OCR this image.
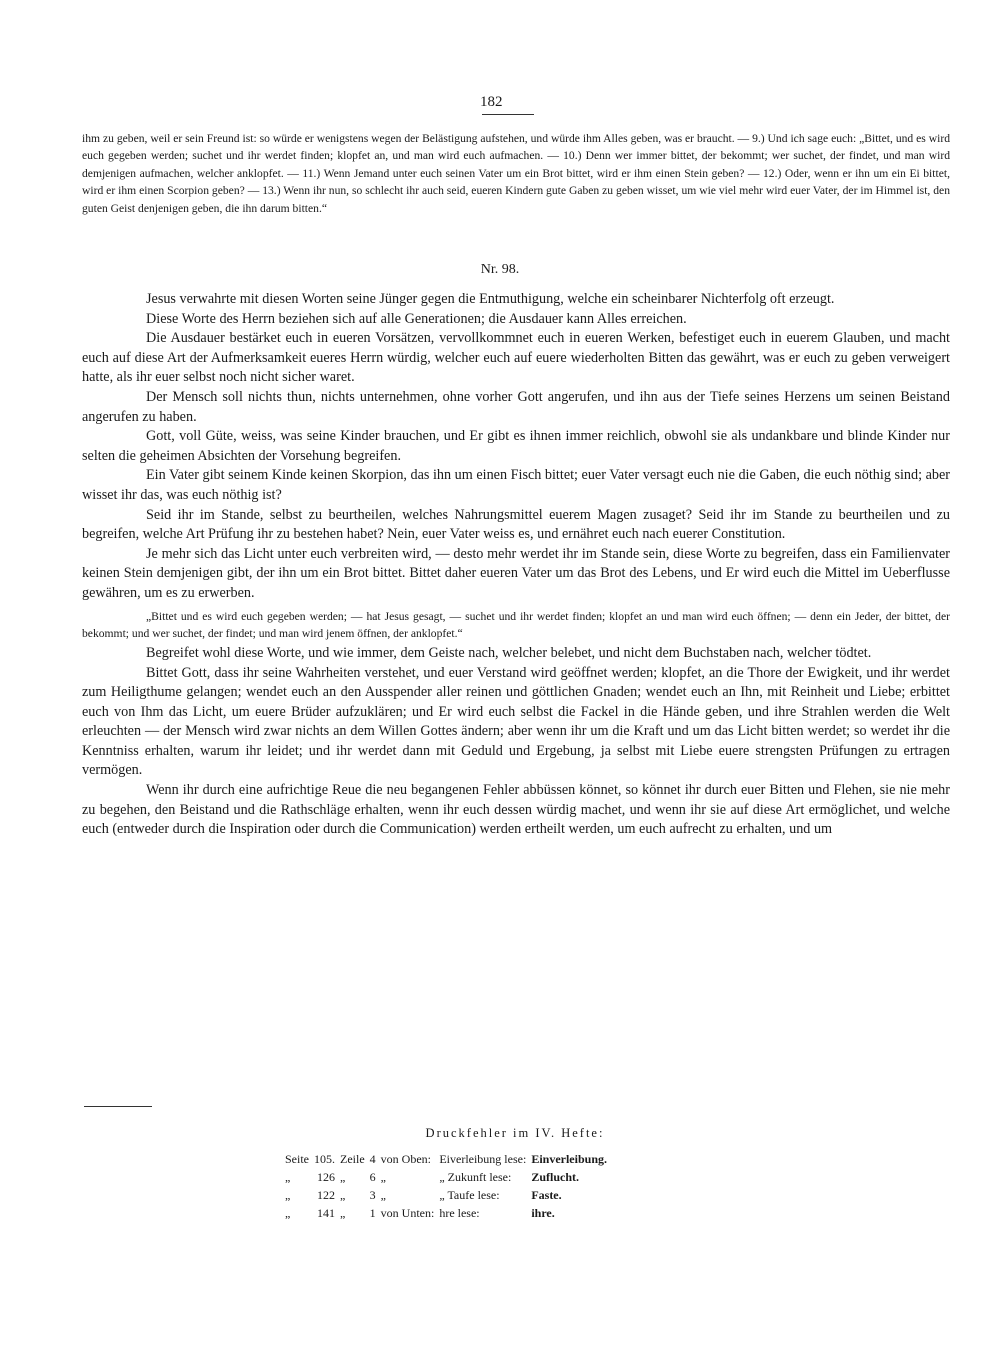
182
ihm zu geben, weil er sein Freund ist: so würde er wenigstens wegen der Belästigung aufstehen, und würde ihm Alles geben, was er braucht. — 9.) Und ich sage euch: „Bittet, und es wird euch gegeben werden; suchet und ihr werdet finden; klopfet an, und man wird euch aufmachen. — 10.) Denn wer immer bittet, der bekommt; wer suchet, der findet, und man wird demjenigen aufmachen, welcher anklopfet. — 11.) Wenn Jemand unter euch seinen Vater um ein Brot bittet, wird er ihm einen Stein geben? — 12.) Oder, wenn er ihn um ein Ei bittet, wird er ihm einen Scorpion geben? — 13.) Wenn ihr nun, so schlecht ihr auch seid, eueren Kindern gute Gaben zu geben wisset, um wie viel mehr wird euer Vater, der im Himmel ist, den guten Geist denjenigen geben, die ihn darum bitten.“
Nr. 98.

Jesus verwahrte mit diesen Worten seine Jünger gegen die Entmuthigung, welche ein scheinbarer Nichterfolg oft erzeugt.

Diese Worte des Herrn beziehen sich auf alle Generationen; die Ausdauer kann Alles erreichen.

Die Ausdauer bestärket euch in eueren Vorsätzen, vervollkommnet euch in eueren Werken, befestiget euch in euerem Glauben, und macht euch auf diese Art der Aufmerksamkeit eueres Herrn würdig, welcher euch auf euere wiederholten Bitten das gewährt, was er euch zu geben verweigert hatte, als ihr euer selbst noch nicht sicher waret.

Der Mensch soll nichts thun, nichts unternehmen, ohne vorher Gott angerufen, und ihn aus der Tiefe seines Herzens um seinen Beistand angerufen zu haben.

Gott, voll Güte, weiss, was seine Kinder brauchen, und Er gibt es ihnen immer reichlich, obwohl sie als undankbare und blinde Kinder nur selten die geheimen Absichten der Vorsehung begreifen.

Ein Vater gibt seinem Kinde keinen Skorpion, das ihn um einen Fisch bittet; euer Vater versagt euch nie die Gaben, die euch nöthig sind; aber wisset ihr das, was euch nöthig ist?

Seid ihr im Stande, selbst zu beurtheilen, welches Nahrungsmittel euerem Magen zusaget? Seid ihr im Stande zu beurtheilen und zu begreifen, welche Art Prüfung ihr zu bestehen habet? Nein, euer Vater weiss es, und ernähret euch nach euerer Constitution.

Je mehr sich das Licht unter euch verbreiten wird, — desto mehr werdet ihr im Stande sein, diese Worte zu begreifen, dass ein Familienvater keinen Stein demjenigen gibt, der ihn um ein Brot bittet. Bittet daher eueren Vater um das Brot des Lebens, und Er wird euch die Mittel im Ueberflusse gewähren, um es zu erwerben.

„Bittet und es wird euch gegeben werden; — hat Jesus gesagt, — suchet und ihr werdet finden; klopfet an und man wird euch öffnen; — denn ein Jeder, der bittet, der bekommt; und wer suchet, der findet; und man wird jenem öffnen, der anklopfet.“

Begreifet wohl diese Worte, und wie immer, dem Geiste nach, welcher belebet, und nicht dem Buchstaben nach, welcher tödtet.

Bittet Gott, dass ihr seine Wahrheiten verstehet, und euer Verstand wird geöffnet werden; klopfet, an die Thore der Ewigkeit, und ihr werdet zum Heiligthume gelangen; wendet euch an den Ausspender aller reinen und göttlichen Gnaden; wendet euch an Ihn, mit Reinheit und Liebe; erbittet euch von Ihm das Licht, um euere Brüder aufzuklären; und Er wird euch selbst die Fackel in die Hände geben, und ihre Strahlen werden die Welt erleuchten — der Mensch wird zwar nichts an dem Willen Gottes ändern; aber wenn ihr um die Kraft und um das Licht bitten werdet; so werdet ihr die Kenntniss erhalten, warum ihr leidet; und ihr werdet dann mit Geduld und Ergebung, ja selbst mit Liebe euere strengsten Prüfungen zu ertragen vermögen.

Wenn ihr durch eine aufrichtige Reue die neu begangenen Fehler abbüssen könnet, so könnet ihr durch euer Bitten und Flehen, sie nie mehr zu begehen, den Beistand und die Rathschläge erhalten, wenn ihr euch dessen würdig machet, und wenn ihr sie auf diese Art ermöglichet, und welche euch (entweder durch die Inspiration oder durch die Communication) werden ertheilt werden, um euch aufrecht zu erhalten, und um

Druckfehler im IV. Hefte:
Seite	105.	Zeile	4	von Oben:	Eiverleibung lese:	Einverleibung.
„	126	„	6	„	„ Zukunft lese:	Zuflucht.
„	122	„	3	„	„ Taufe lese:	Faste.
„	141	„	1	von Unten:	hre lese:	ihre.
